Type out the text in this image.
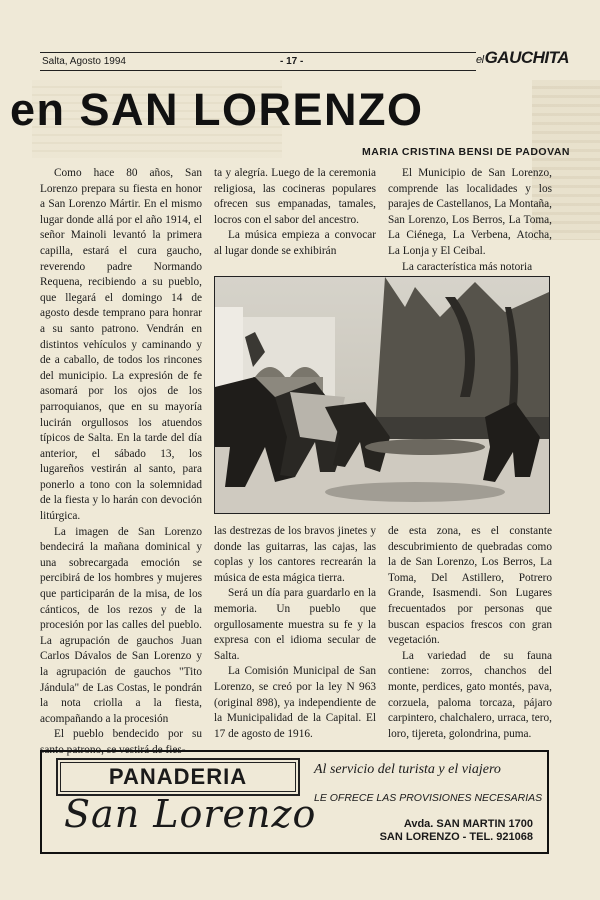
Salta, Agosto 1994	- 17 -	elGAUCHITA
en SAN LORENZO
MARIA CRISTINA BENSI DE PADOVAN

Como hace 80 años, San Lorenzo prepara su fiesta en honor a San Lorenzo Mártir. En el mismo lugar donde allá por el año 1914, el señor Mainoli levantó la primera capilla, estará el cura gaucho, reverendo padre Normando Requena, recibiendo a su pueblo, que llegará el domingo 14 de agosto desde temprano para honrar a su santo patrono. Vendrán en distintos vehículos y caminando y de a caballo, de todos los rincones del municipio. La expresión de fe asomará por los ojos de los parroquianos, que en su mayoría lucirán orgullosos los atuendos típicos de Salta. En la tarde del día anterior, el sábado 13, los lugareños vestirán al santo, para ponerlo a tono con la solemnidad de la fiesta y lo harán con devoción litúrgica.

La imagen de San Lorenzo bendecirá la mañana dominical y una sobrecargada emoción se percibirá de los hombres y mujeres que participarán de la misa, de los cánticos, de los rezos y de la procesión por las calles del pueblo. La agrupación de gauchos Juan Carlos Dávalos de San Lorenzo y la agrupación de gauchos "Tito Jándula" de Las Costas, le pondrán la nota criolla a la fiesta, acompañando a la procesión

El pueblo bendecido por su santo patrono, se vestirá de fies-

ta y alegría. Luego de la ceremonia religiosa, las cocineras populares ofrecen sus empanadas, tamales, locros con el sabor del ancestro.

La música empieza a convocar al lugar donde se exhibirán

El Municipio de San Lorenzo, comprende las localidades y los parajes de Castellanos, La Montaña, San Lorenzo, Los Berros, La Toma, La Ciénega, La Verbena, Atocha, La Lonja y El Ceibal.

La característica más notoria

las destrezas de los bravos jinetes y donde las guitarras, las cajas, las coplas y los cantores recrearán la música de esta mágica tierra.

Será un día para guardarlo en la memoria. Un pueblo que orgullosamente muestra su fe y la expresa con el idioma secular de Salta.

La Comisión Municipal de San Lorenzo, se creó por la ley N 963 (original 898), ya independiente de la Municipalidad de la Capital. El 17 de agosto de 1916.

de esta zona, es el constante descubrimiento de quebradas como la de San Lorenzo, Los Berros, La Toma, Del Astillero, Potrero Grande, Isasmendi. Son Lugares frecuentados por personas que buscan espacios frescos con gran vegetación.

La variedad de su fauna contiene: zorros, chanchos del monte, perdices, gato montés, pava, corzuela, paloma torcaza, pájaro carpintero, chalchalero, urraca, tero, loro, tijereta, golondrina, puma.

PANADERIA
San Lorenzo
Al servicio del turista y el viajero
LE OFRECE LAS PROVISIONES NECESARIAS
Avda. SAN MARTIN 1700
SAN LORENZO - TEL. 921068
